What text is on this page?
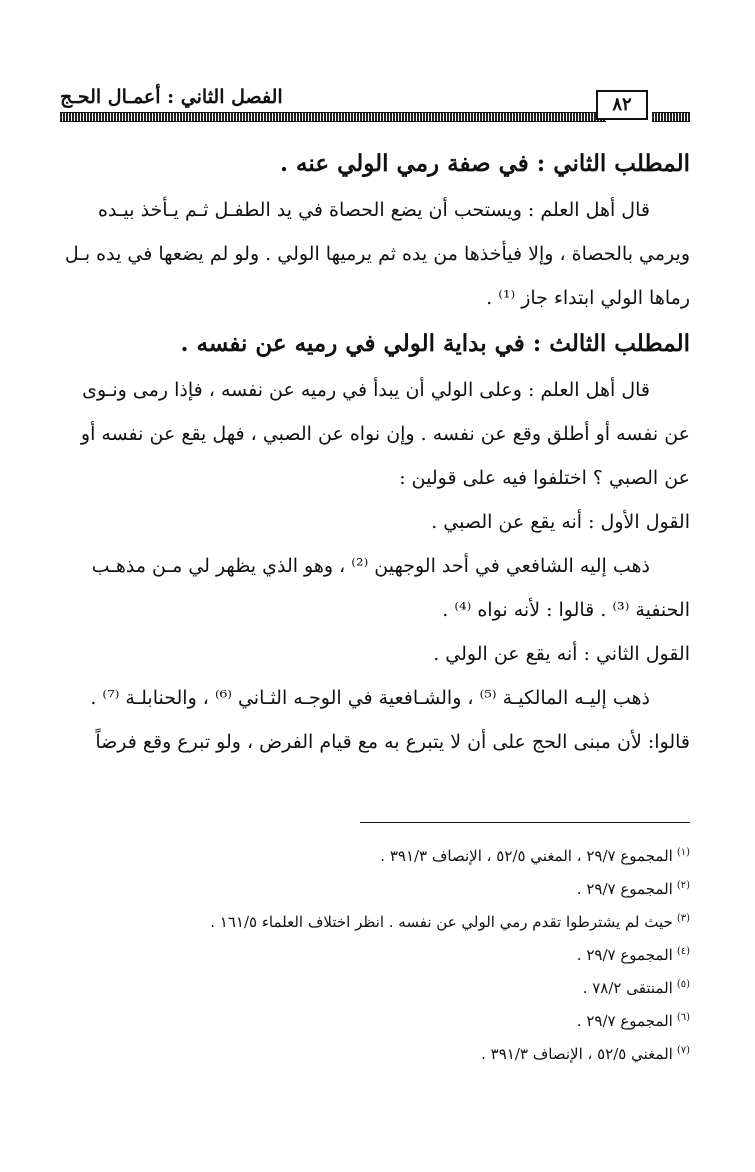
الفصل الثاني : أعمـال الحـج	٨٢

المطلب الثاني : في صفة رمي الولي عنه .

قال أهل العلم : ويستحب أن يضع الحصاة في يد الطفـل ثـم يـأخذ بيـده

ويرمي بالحصاة ، وإلا فيأخذها من يده ثم يرميها الولي . ولو لم يضعها في يده بـل

رماها الولي ابتداء جاز ⁽¹⁾ .

المطلب الثالث : في بداية الولي في رميه عن نفسه .

قال أهل العلم : وعلى الولي أن يبدأ في رميه عن نفسه ، فإذا رمى ونـوى

عن نفسه أو أطلق وقع عن نفسه . وإن نواه عن الصبي ، فهل يقع عن نفسه أو

عن الصبي ؟ اختلفوا فيه على قولين :

القول الأول : أنه يقع عن الصبي .

ذهب إليه الشافعي في أحد الوجهين ⁽²⁾ ، وهو الذي يظهر لي مـن مذهـب

الحنفية ⁽³⁾ . قالوا : لأنه نواه ⁽⁴⁾ .

القول الثاني : أنه يقع عن الولي .

ذهب إليـه المالكيـة ⁽⁵⁾ ، والشـافعية في الوجـه الثـاني ⁽⁶⁾ ، والحنابلـة ⁽⁷⁾ .

قالوا: لأن مبنى الحج على أن لا يتبرع به مع قيام الفرض ، ولو تبرع وقع فرضاً

$^{(١)}$المجموع ٢٩/٧ ، المغني ٥٢/٥ ، الإنصاف ٣٩١/٣ .

$^{(٢)}$المجموع ٢٩/٧ .

$^{(٣)}$حيث لم يشترطوا تقدم رمي الولي عن نفسه . انظر اختلاف العلماء ١٦١/٥ .

$^{(٤)}$المجموع ٢٩/٧ .

$^{(٥)}$المنتقى ٧٨/٢ .

$^{(٦)}$المجموع ٢٩/٧ .

$^{(٧)}$المغني ٥٢/٥ ، الإنصاف ٣٩١/٣ .
